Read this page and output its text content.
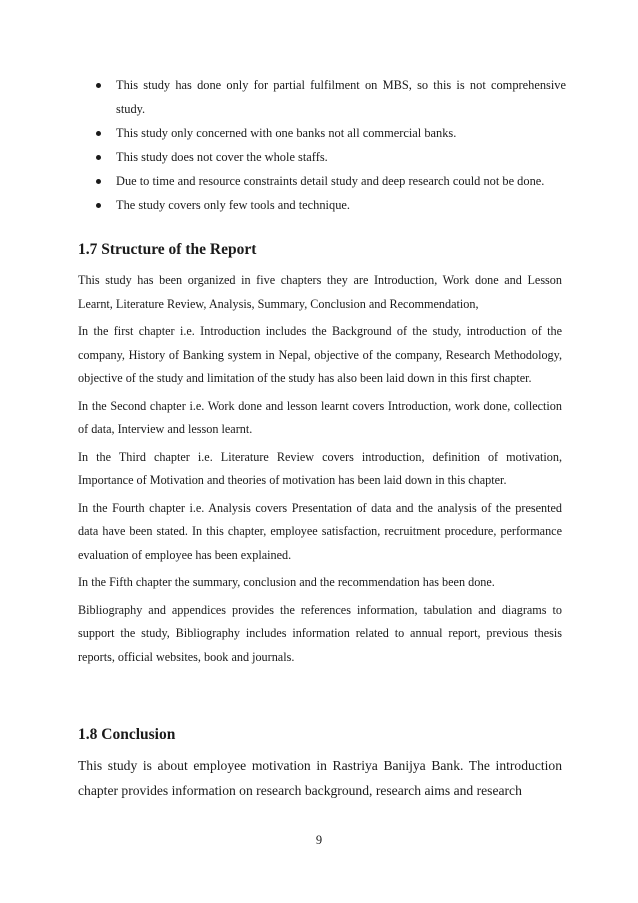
This study has done only for partial fulfilment on MBS, so this is not comprehensive study.
This study only concerned with one banks not all commercial banks.
This study does not cover the whole staffs.
Due to time and resource constraints detail study and deep research could not be done.
The study covers only few tools and technique.
1.7 Structure of the Report

This study has been organized in five chapters they are Introduction, Work done and Lesson Learnt, Literature Review, Analysis, Summary, Conclusion and Recommendation,

In the first chapter i.e. Introduction includes the Background of the study, introduction of the company, History of Banking system in Nepal, objective of the company, Research Methodology, objective of the study and limitation of the study has also been laid down in this first chapter.

In the Second chapter i.e. Work done and lesson learnt covers Introduction, work done, collection of data, Interview and lesson learnt.

In the Third chapter i.e. Literature Review covers introduction, definition of motivation, Importance of Motivation and theories of motivation has been laid down in this chapter.

In the Fourth chapter i.e. Analysis covers Presentation of data and the analysis of the presented data have been stated. In this chapter, employee satisfaction, recruitment procedure, performance evaluation of employee has been explained.

In the Fifth chapter the summary, conclusion and the recommendation has been done.

Bibliography and appendices provides the references information, tabulation and diagrams to support the study, Bibliography includes information related to annual report, previous thesis reports, official websites, book and journals.

1.8 Conclusion

This study is about employee motivation in Rastriya Banijya Bank. The introduction chapter provides information on research background, research aims and research

9
